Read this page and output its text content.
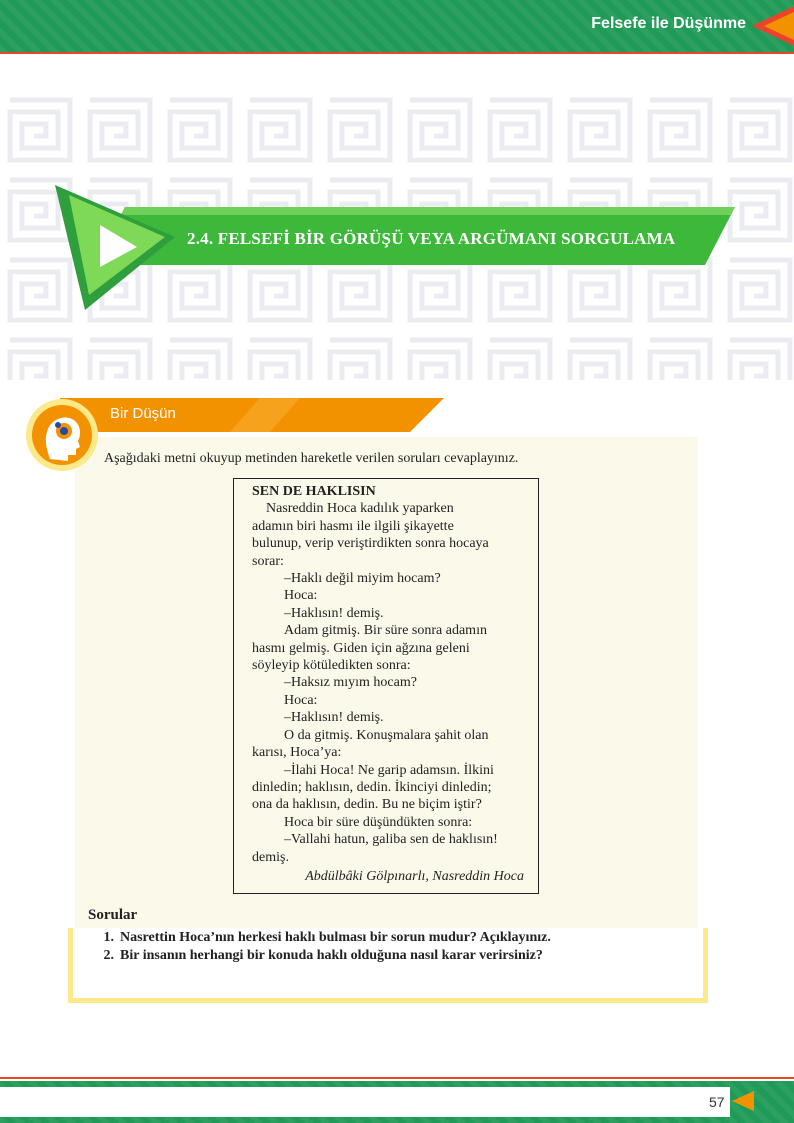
Felsefe ile Düşünme
2.4. FELSEFİ BİR GÖRÜŞÜ VEYA ARGÜMANI SORGULAMA
Bir Düşün
Aşağıdaki metni okuyup metinden hareketle verilen soruları cevaplayınız.

SEN DE HAKLISIN

Nasreddin Hoca kadılık yaparken

adamın biri hasmı ile ilgili şikayette

bulunup, verip veriştirdikten sonra hocaya

sorar:

–Haklı değil miyim hocam?

Hoca:

–Haklısın! demiş.

Adam gitmiş. Bir süre sonra adamın

hasmı gelmiş. Giden için ağzına geleni

söyleyip kötüledikten sonra:

–Haksız mıyım hocam?

Hoca:

–Haklısın! demiş.

O da gitmiş. Konuşmalara şahit olan

karısı, Hoca’ya:

–İlahi Hoca! Ne garip adamsın. İlkini

dinledin; haklısın, dedin. İkinciyi dinledin;

ona da haklısın, dedin. Bu ne biçim iştir?

Hoca bir süre düşündükten sonra:

–Vallahi hatun, galiba sen de haklısın!

demiş.

Abdülbâki Gölpınarlı, Nasreddin Hoca

Sorular
1. Nasrettin Hoca’nın herkesi haklı bulması bir sorun mudur? Açıklayınız.
2. Bir insanın herhangi bir konuda haklı olduğuna nasıl karar verirsiniz?
57
